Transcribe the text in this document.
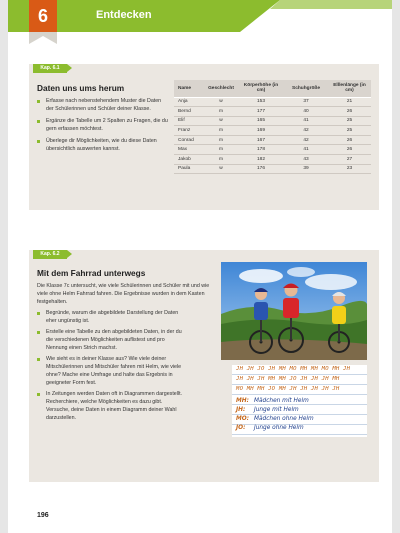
6	Entdecken
Kap. 6.1
Daten uns ums herum
Erfasse nach nebenstehendem Muster die Daten der Schülerinnen und Schüler deiner Klasse.
Ergänze die Tabelle um 2 Spalten zu Fragen, die du gern erfassen möchtest.
Überlege dir Möglichkeiten, wie du diese Daten übersichtlich auswerten kannst.
Name	Geschlecht	Körperhöhe (in cm)	Schuhgröße	Elllenlänge (in cm)
Anja	w	153	37	21
Bernd	m	177	40	26
Elif	w	165	41	25
Franz	m	169	42	25
Conrad	m	167	42	26
Max	m	178	41	26
Jakob	m	182	43	27
Paula	w	176	39	23
Kap. 6.2
Mit dem Fahrrad unterwegs
Die Klasse 7c untersucht, wie viele Schülerinnen und Schüler mit und wie viele ohne Helm Fahrrad fahren. Die Ergebnisse wurden in dem Kasten festgehalten.
Begründe, warum die abgebildete Darstellung der Daten eher ungünstig ist.
Erstelle eine Tabelle zu den abgebildeten Daten, in der du die verschiedenen Möglichkeiten auflistest und pro Nennung einen Strich machst.
Wie sieht es in deiner Klasse aus? Wie viele deiner Mitschülerinnen und Mitschüler fahren mit Helm, wie viele ohne? Mache eine Umfrage und halte das Ergebnis in geeigneter Form fest.
In Zeitungen werden Daten oft in Diagrammen dargestellt. Recherchiere, welche Möglichkeiten es dazu gibt. Versuche, deine Daten in einem Diagramm deiner Wahl darzustellen.
JH JH JO JH MH MO MH MH MO MH JH
JH JH JH MH MH JO JH JH JH MH
MO MH MH JO MH JH JH JH JH JH
MH: Mädchen mit Helm
JH:	Junge mit Helm
MO: Mädchen ohne Helm
JO:	Junge ohne Helm
196
